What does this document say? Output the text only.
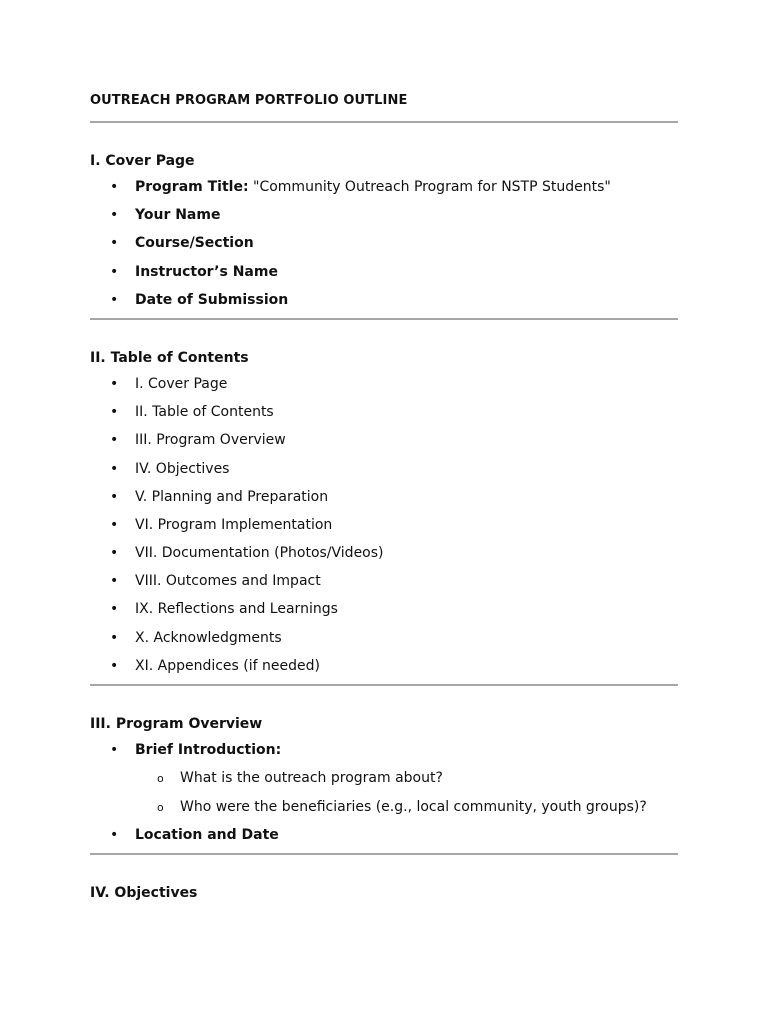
OUTREACH PROGRAM PORTFOLIO OUTLINE
I. Cover Page
• Program Title: "Community Outreach Program for NSTP Students"
• Your Name
• Course/Section
• Instructor’s Name
• Date of Submission
II. Table of Contents
• I. Cover Page
• II. Table of Contents
• III. Program Overview
• IV. Objectives
• V. Planning and Preparation
• VI. Program Implementation
• VII. Documentation (Photos/Videos)
• VIII. Outcomes and Impact
• IX. Reflections and Learnings
• X. Acknowledgments
• XI. Appendices (if needed)
III. Program Overview
• Brief Introduction:
o What is the outreach program about?
o Who were the beneficiaries (e.g., local community, youth groups)?
• Location and Date
IV. Objectives
